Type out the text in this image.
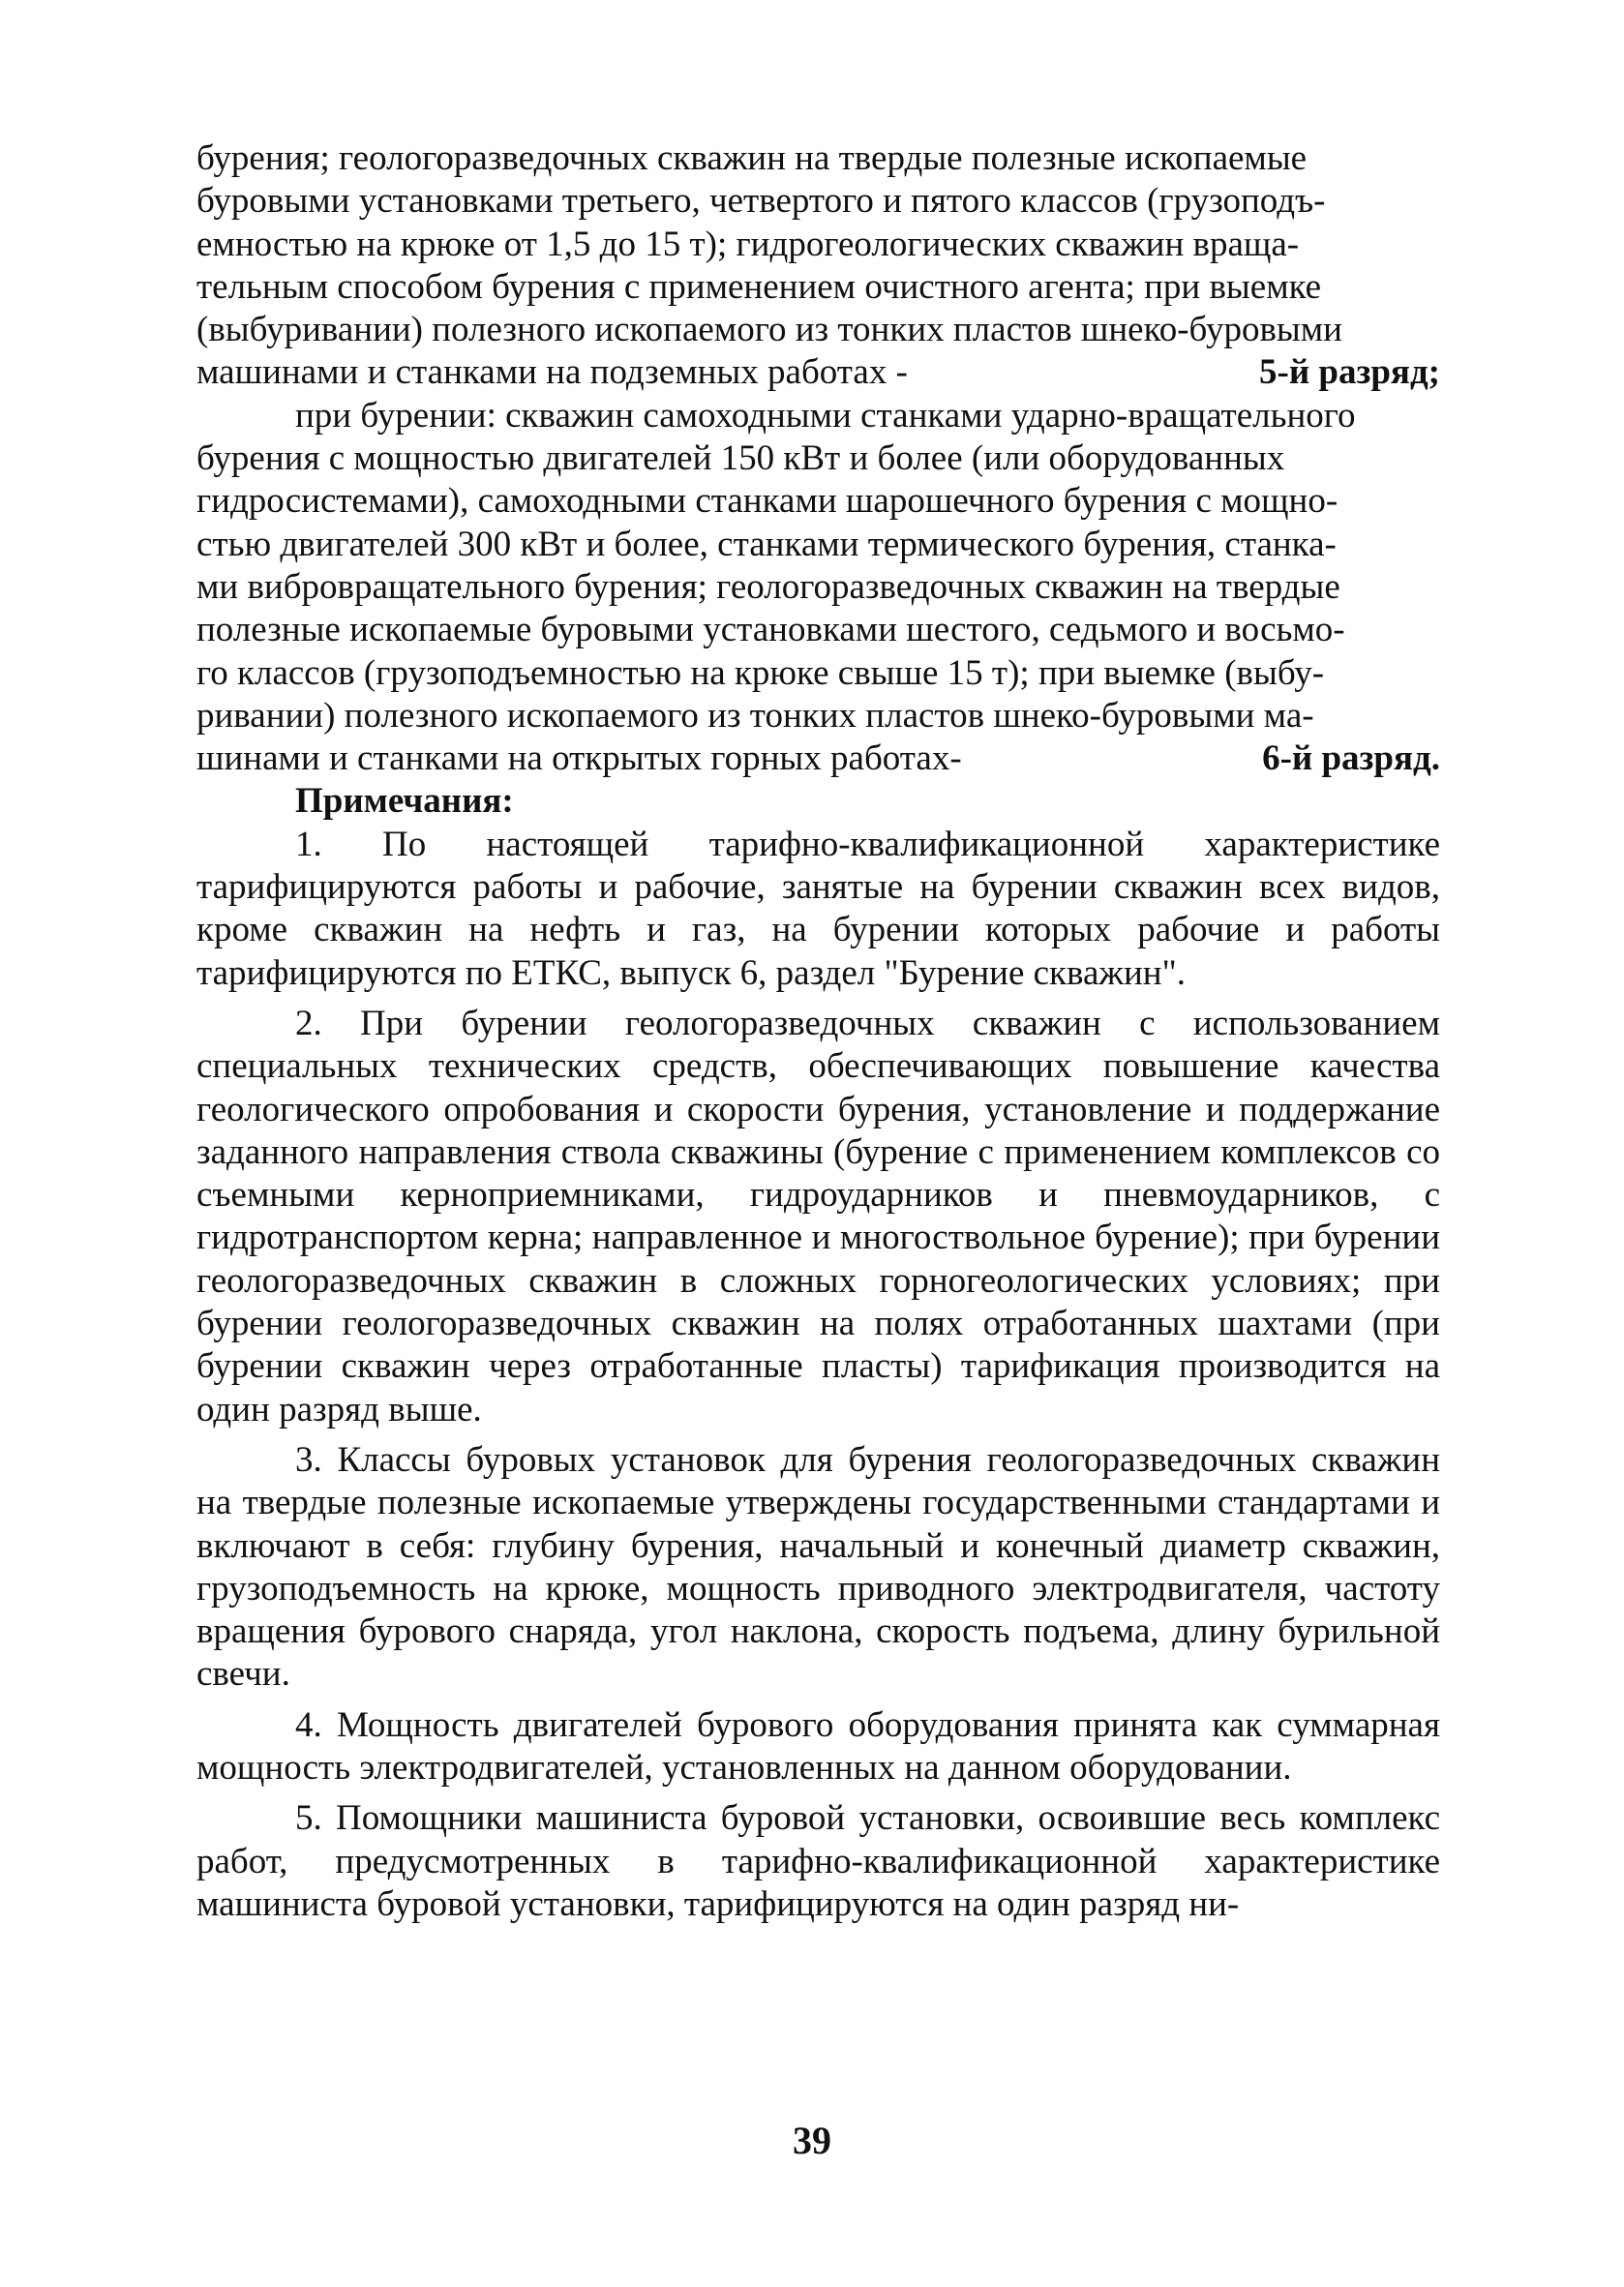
бурения; геологоразведочных скважин на твердые полезные ископаемые

буровыми установками третьего, четвертого и пятого классов (грузоподъ-

емностью на крюке от 1,5 до 15 т); гидрогеологических скважин враща-

тельным способом бурения с применением очистного агента; при выемке

(выбуривании) полезного ископаемого из тонких пластов шнеко-буровыми

машинами и станками на подземных работах -	5-й разряд;

при бурении: скважин самоходными станками ударно-вращательного

бурения с мощностью двигателей 150 кВт и более (или оборудованных

гидросистемами), самоходными станками шарошечного бурения с мощно-

стью двигателей 300 кВт и более, станками термического бурения, станка-

ми вибровращательного бурения; геологоразведочных скважин на твердые

полезные ископаемые буровыми установками шестого, седьмого и восьмо-

го классов (грузоподъемностью на крюке свыше 15 т); при выемке (выбу-

ривании) полезного ископаемого из тонких пластов шнеко-буровыми ма-

шинами и станками на открытых горных работах-	6-й разряд.

Примечания:

1. По настоящей тарифно-квалификационной характеристике тарифицируются работы и рабочие, занятые на бурении скважин всех видов, кроме скважин на нефть и газ, на бурении которых рабочие и работы тарифицируются по ЕТКС, выпуск 6, раздел "Бурение скважин".

2. При бурении геологоразведочных скважин с использованием специальных технических средств, обеспечивающих повышение качества геологического опробования и скорости бурения, установление и поддержание заданного направления ствола скважины (бурение с применением комплексов со съемными керноприемниками, гидроударников и пневмоударников, с гидротранспортом керна; направленное и многоствольное бурение); при бурении геологоразведочных скважин в сложных горногеологических условиях; при бурении геологоразведочных скважин на полях отработанных шахтами (при бурении скважин через отработанные пласты) тарификация производится на один разряд выше.

3. Классы буровых установок для бурения геологоразведочных скважин на твердые полезные ископаемые утверждены государственными стандартами и включают в себя: глубину бурения, начальный и конечный диаметр скважин, грузоподъемность на крюке, мощность приводного электродвигателя, частоту вращения бурового снаряда, угол наклона, скорость подъема, длину бурильной свечи.

4. Мощность двигателей бурового оборудования принята как суммарная мощность электродвигателей, установленных на данном оборудовании.

5. Помощники машиниста буровой установки, освоившие весь комплекс работ, предусмотренных в тарифно-квалификационной характеристике машиниста буровой установки, тарифицируются на один разряд ни-

39
